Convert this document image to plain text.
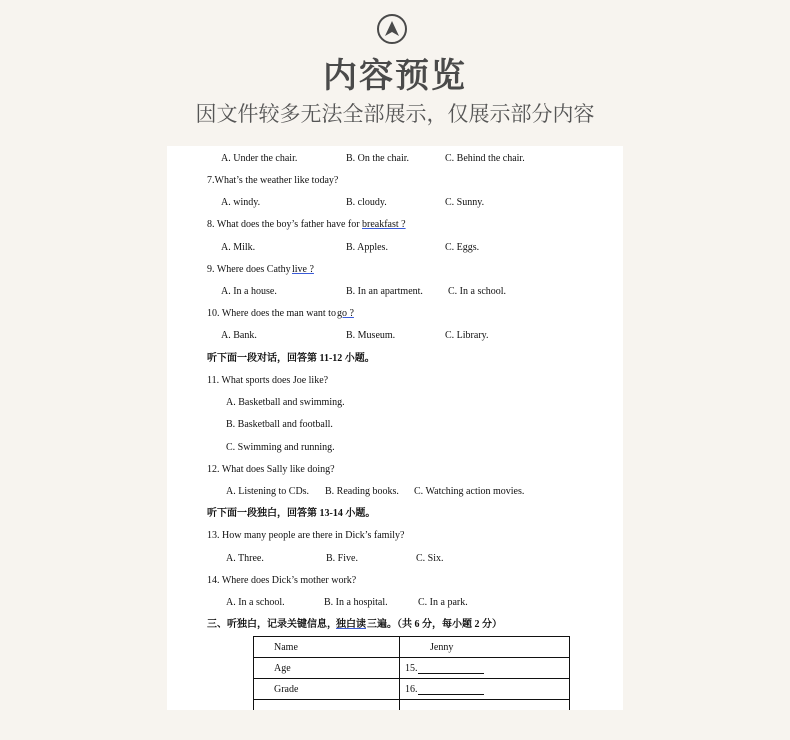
内容预览
因文件较多无法全部展示，仅展示部分内容
Name	Jenny
Age	15.
Grade	16.

A. Under the chair.	B. On the chair.	C. Behind the chair.
7.What’s the weather like today?
A. windy.	B. cloudy.	C. Sunny.
8. What does the boy’s father have for breakfast ?
A. Milk.	B. Apples.	C. Eggs.
9. Where does Cathy live ?
A. In a house.	B. In an apartment.	C. In a school.
10. Where does the man want to go ?
A. Bank.	B. Museum.	C. Library.
听下面一段对话，回答第 11-12 小题。
11. What sports does Joe like?
A. Basketball and swimming.
B. Basketball and football.
C. Swimming and running.
12. What does Sally like doing?
A. Listening to CDs. B. Reading books. C. Watching action movies.
听下面一段独白，回答第 13-14 小题。
13. How many people are there in Dick’s family?
A. Three.	B. Five.	C. Six.
14. Where does Dick’s mother work?
A. In a school.	B. In a hospital.	C. In a park.
三、听独白，记录关键信息， 独白读 三遍。（共 6 分，每小题 2 分）
